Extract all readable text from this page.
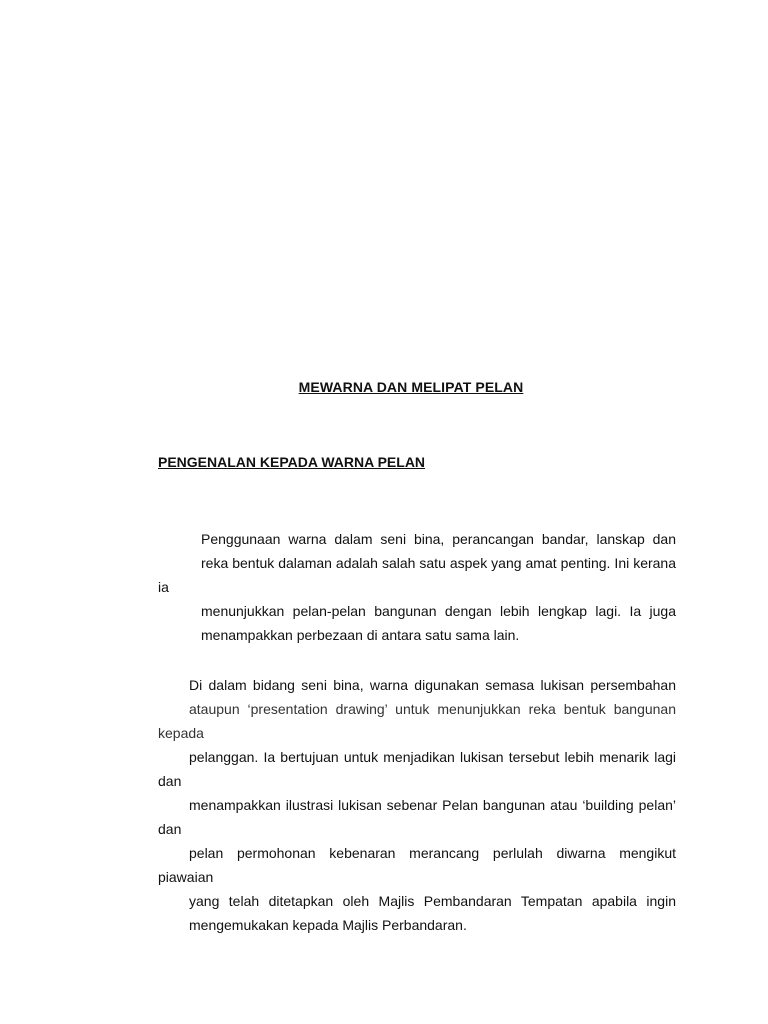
MEWARNA DAN MELIPAT PELAN
PENGENALAN KEPADA WARNA PELAN
Penggunaan warna dalam seni bina, perancangan bandar, lanskap dan
reka bentuk dalaman adalah salah satu aspek yang amat penting. Ini kerana ia
menunjukkan pelan-pelan bangunan dengan lebih lengkap lagi. Ia juga
menampakkan perbezaan di antara satu sama lain.
Di dalam bidang seni bina, warna digunakan semasa lukisan persembahan
ataupun ‘presentation drawing’ untuk menunjukkan reka bentuk bangunan kepada
pelanggan. Ia bertujuan untuk menjadikan lukisan tersebut lebih menarik lagi dan
menampakkan ilustrasi lukisan sebenar Pelan bangunan atau ‘building pelan’ dan
pelan permohonan kebenaran merancang perlulah diwarna mengikut piawaian
yang telah ditetapkan oleh Majlis Pembandaran Tempatan apabila ingin
mengemukakan kepada Majlis Perbandaran.
